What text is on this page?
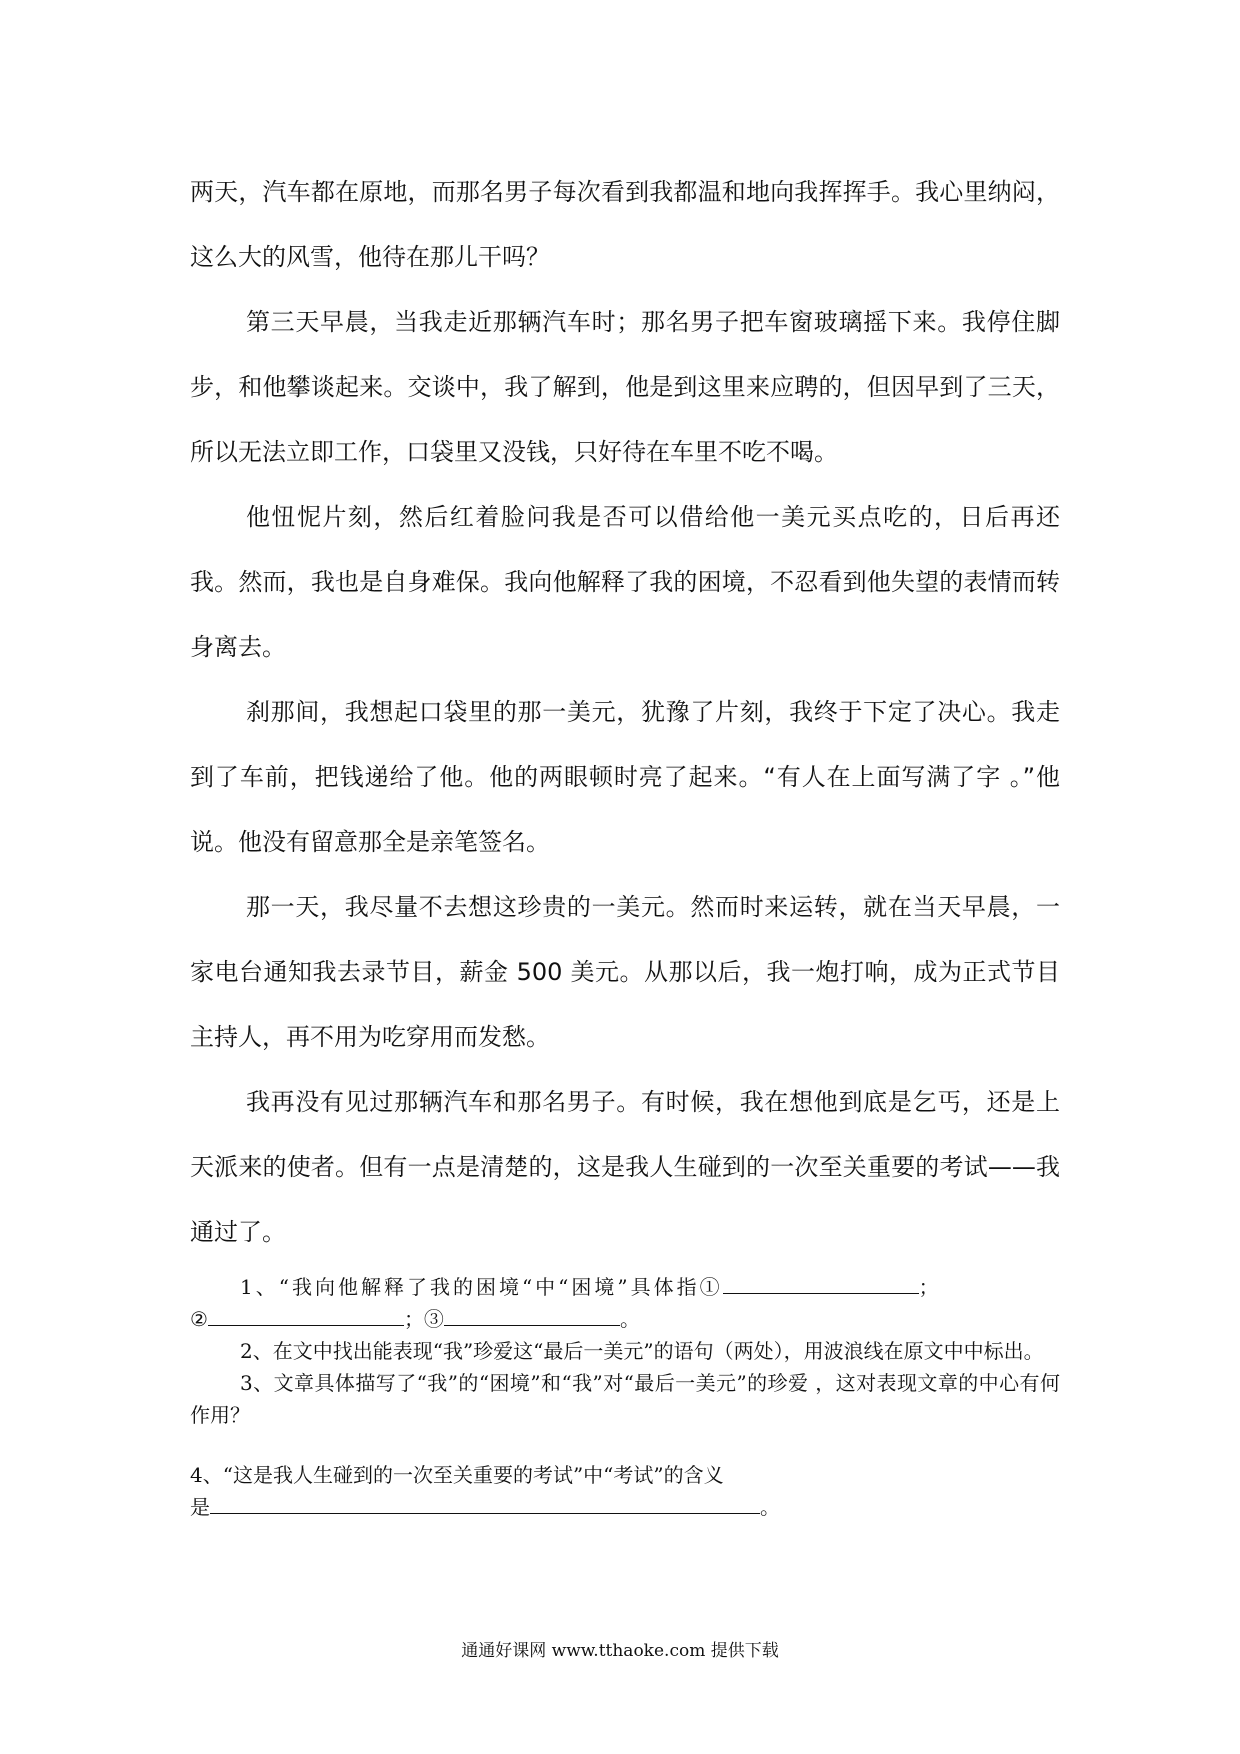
两天，汽车都在原地，而那名男子每次看到我都温和地向我挥挥手。我心里纳闷，这么大的风雪，他待在那儿干吗？

第三天早晨，当我走近那辆汽车时；那名男子把车窗玻璃摇下来。我停住脚步，和他攀谈起来。交谈中，我了解到，他是到这里来应聘的，但因早到了三天，所以无法立即工作，口袋里又没钱，只好待在车里不吃不喝。

他忸怩片刻，然后红着脸问我是否可以借给他一美元买点吃的，日后再还我。然而，我也是自身难保。我向他解释了我的困境，不忍看到他失望的表情而转身离去。

刹那间，我想起口袋里的那一美元，犹豫了片刻，我终于下定了决心。我走到了车前，把钱递给了他。他的两眼顿时亮了起来。“有人在上面写满了字 。”他说。他没有留意那全是亲笔签名。

那一天，我尽量不去想这珍贵的一美元。然而时来运转，就在当天早晨，一家电台通知我去录节目，薪金 500 美元。从那以后，我一炮打响，成为正式节目主持人，再不用为吃穿用而发愁。

我再没有见过那辆汽车和那名男子。有时候，我在想他到底是乞丐，还是上天派来的使者。但有一点是清楚的，这是我人生碰到的一次至关重要的考试——我通过了。

1、“我向他解释了我的困境“中“困境”具体指①	；
②	；③	。

2、在文中找出能表现“我”珍爱这“最后一美元”的语句（两处），用波浪线在原文中中标出。

3、文章具体描写了“我”的“困境”和“我”对“最后一美元”的珍爱 ，这对表现文章的中心有何作用？

4、“这是我人生碰到的一次至关重要的考试”中“考试”的含义
是	。

通通好课网 www.tthaoke.com 提供下载
